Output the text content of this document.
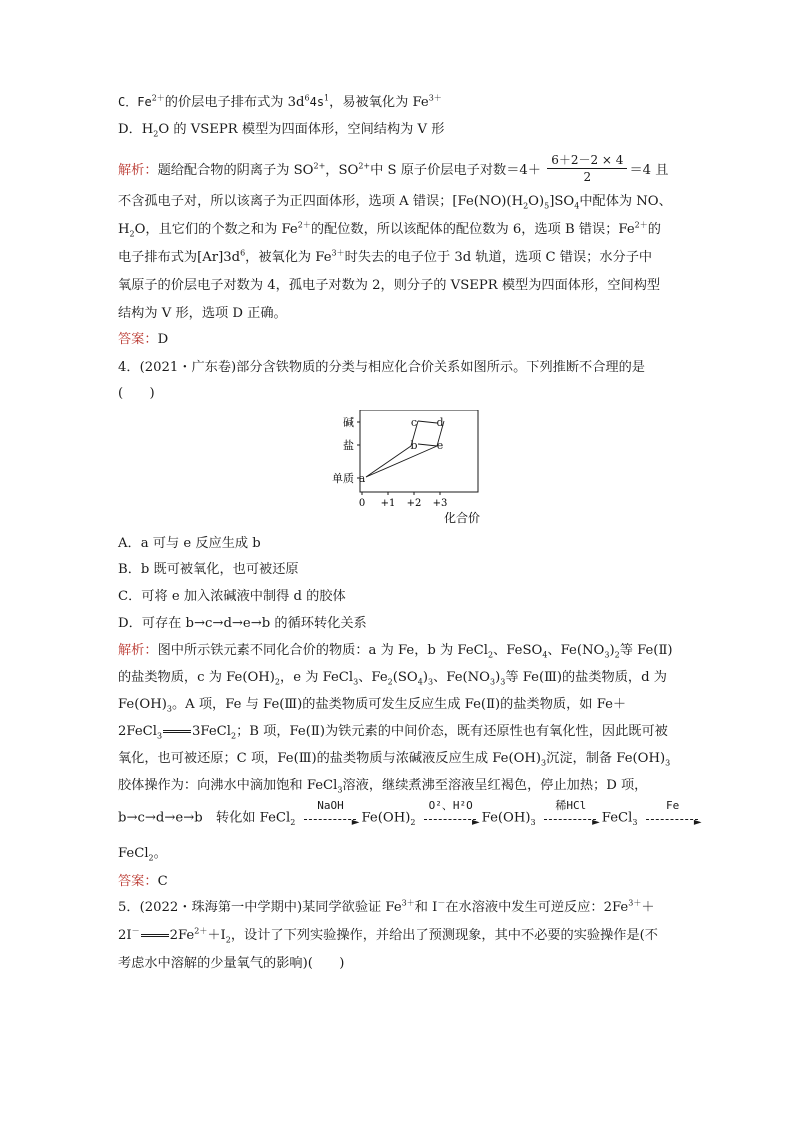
C．$Fe^{2+}$的价层电子排布式为 $3d^64s^1$，易被氧化为 $Fe^{3+}$
D．$H_2O$ 的 VSEPR 模型为四面体形，空间结构为 V 形
解析：题给配合物的阴离子为 $SO^{2+}$，$SO^{2+}$中 S 原子价层电子对数$=4+ \frac{6+2-2 \times 4}{2} =4$ 且
不含孤电子对，所以该离子为正四面体形，选项 A 错误；$[Fe(NO)(H_2O)_5]SO_4$中配体为 NO、
$H_2O$，且它们的个数之和为 $Fe^{2+}$的配位数，所以该配体的配位数为 6，选项 B 错误；$Fe^{2+}$的
电子排布式为$[Ar]3d^6$，被氧化为 $Fe^{3+}$时失去的电子位于 3d 轨道，选项 C 错误；水分子中
氧原子的价层电子对数为 4，孤电子对数为 2，则分子的 VSEPR 模型为四面体形，空间构型
结构为 V 形，选项 D 正确。
答案：D
4．(2021・广东卷)部分含铁物质的分类与相应化合价关系如图所示。下列推断不合理的是
(　　)
0 +1 +2 +3
碱
盐
单质
化合价
a
b
c d
e
A．a 可与 e 反应生成 b
B．b 既可被氧化，也可被还原
C．可将 e 加入浓碱液中制得 d 的胶体
D．可存在 b→c→d→e→b 的循环转化关系
解析：图中所示铁元素不同化合价的物质：a 为 Fe，b 为 FeCl$_2$、FeSO$_4$、$Fe(NO_3)_2$等 Fe(Ⅱ)
的盐类物质，c 为 $Fe(OH)_2$，e 为 FeCl$_3$、$Fe_2(SO_4)_3$、$Fe(NO_3)_3$等 Fe(Ⅲ)的盐类物质，d 为
$Fe(OH)_3$。A 项，Fe 与 Fe(Ⅲ)的盐类物质可发生反应生成 Fe(Ⅱ)的盐类物质，如 Fe＋
2FeCl$_3$ 3FeCl$_2$；B 项，Fe(Ⅱ)为铁元素的中间价态，既有还原性也有氧化性，因此既可被
氧化，也可被还原；C 项，Fe(Ⅲ)的盐类物质与浓碱液反应生成 $Fe(OH)_3$沉淀，制备 $Fe(OH)_3$
胶体操作为：向沸水中滴加饱和 FeCl$_3$溶液，继续煮沸至溶液呈红褐色，停止加热；D 项，
b→c→d→e→b　转化如 FeCl$_2$
NaOH
► $Fe(OH)_2$
O²、H²O
► $Fe(OH)_3$
稀HCl
► FeCl$_3$
Fe
►
FeCl$_2$。
答案：C
5．(2022・珠海第一中学期中)某同学欲验证 $Fe^{3+}$和 I－在水溶液中发生可逆反应：$2Fe^{3+}+$
2I－ $2Fe^{2+}+I_2$，设计了下列实验操作，并给出了预测现象，其中不必要的实验操作是(不
考虑水中溶解的少量氧气的影响)(　　)
